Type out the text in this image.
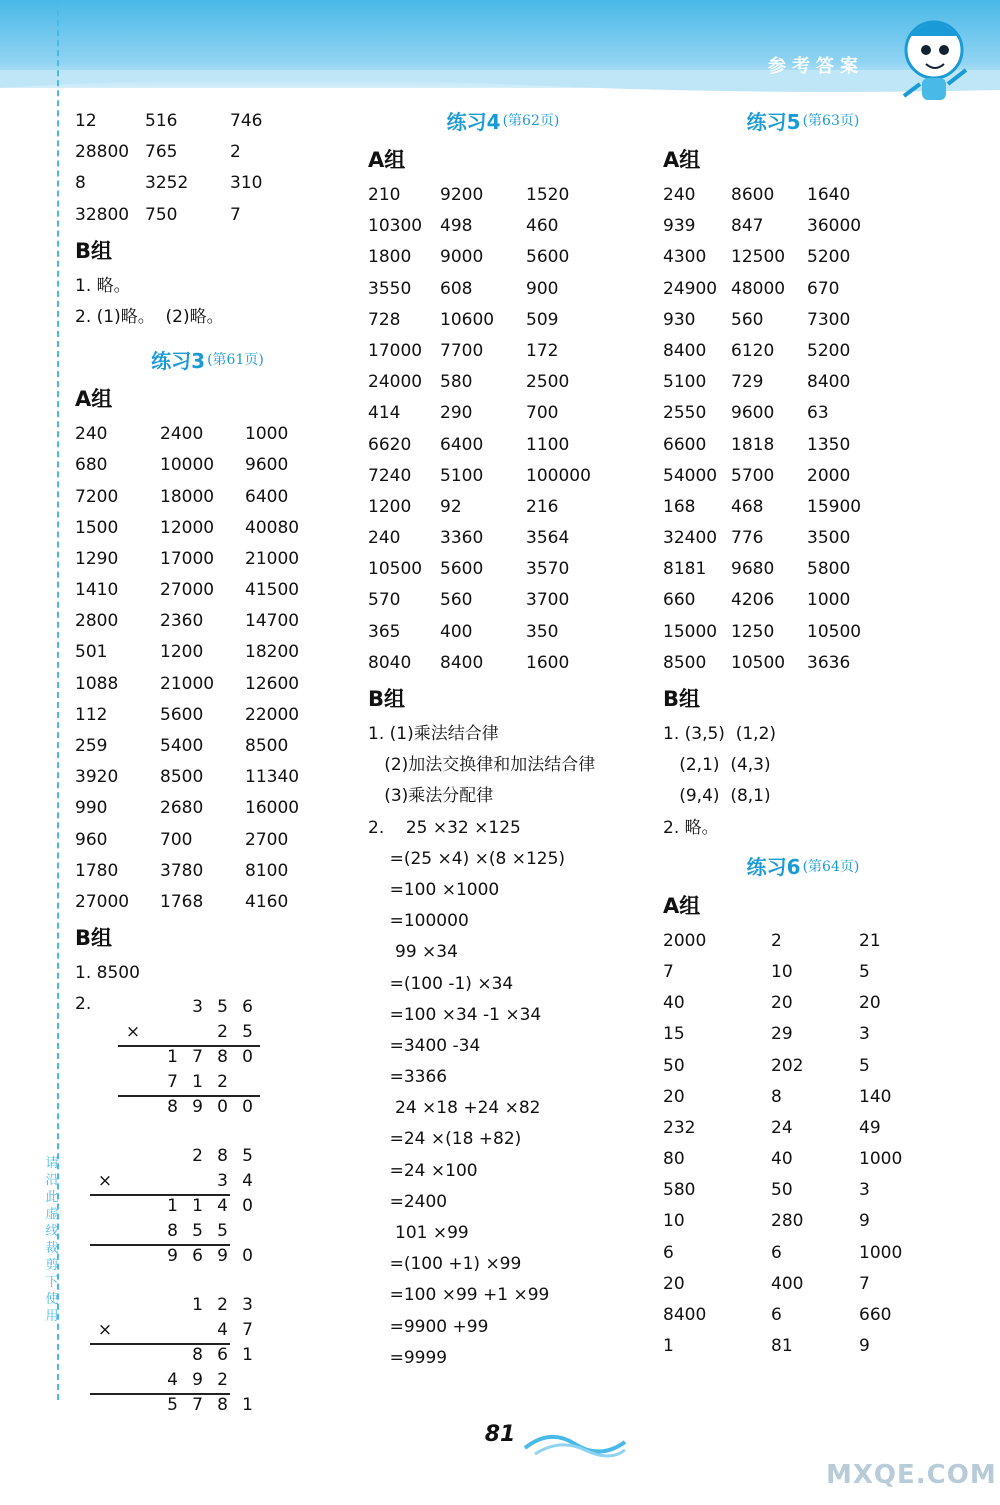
参考答案
请沿此虚线裁剪下使用
12	516	746
28800 765	2
8	3252	310
32800 750	7
B组
1. 略。
2. (1)略。  (2)略。
练习3 (第61页)
A组
240	2400	1000
680	10000	9600
7200	18000	6400
1500	12000	40080
1290	17000	21000
1410	27000	41500
2800	2360	14700
501	1200	18200
1088	21000	12600
112	5600	22000
259	5400	8500
3920	8500	11340
990	2680	16000
960	700	2700
1780	3780	8100
27000	1768	4160
B组
1. 8500
2.	3 5 6
2 5
×
1 7 8 0
7 1 2
8 9 0 0
2 8 5
3 4
×
1 1 4 0
8 5 5
9 6 9 0
1 2 3
4 7
×
8 6 1
4 9 2
5 7 8 1
练习4 (第62页)
A组
210	9200	1520
10300	498	460
1800	9000	5600
3550	608	900
728	10600	509
17000	7700	172
24000	580	2500
414	290	700
6620	6400	1100
7240	5100	100000
1200	92	216
240	3360	3564
10500	5600	3570
570	560	3700
365	400	350
8040	8400	1600
B组
1. (1)乘法结合律
(2)加法交换律和加法结合律
(3)乘法分配律
2.    25 ×32 ×125
=(25 ×4) ×(8 ×125)
=100 ×1000
=100000
99 ×34
=(100 -1) ×34
=100 ×34 -1 ×34
=3400 -34
=3366
24 ×18 +24 ×82
=24 ×(18 +82)
=24 ×100
=2400
101 ×99
=(100 +1) ×99
=100 ×99 +1 ×99
=9900 +99
=9999
练习5 (第63页)
A组
240	8600	1640
939	847	36000
4300	12500	5200
24900 48000	670
930	560	7300
8400	6120	5200
5100	729	8400
2550	9600	63
6600	1818	1350
54000 5700	2000
168	468	15900
32400 776	3500
8181	9680	5800
660	4206	1000
15000 1250	10500
8500	10500	3636
B组
1. (3,5)  (1,2)
(2,1)  (4,3)
(9,4)  (8,1)
2. 略。
练习6 (第64页)
A组
2000	2	21
7	10	5
40	20	20
15	29	3
50	202	5
20	8	140
232	24	49
80	40	1000
580	50	3
10	280	9
6	6	1000
20	400	7
8400	6	660
1	81	9
81
MXQE.COM
